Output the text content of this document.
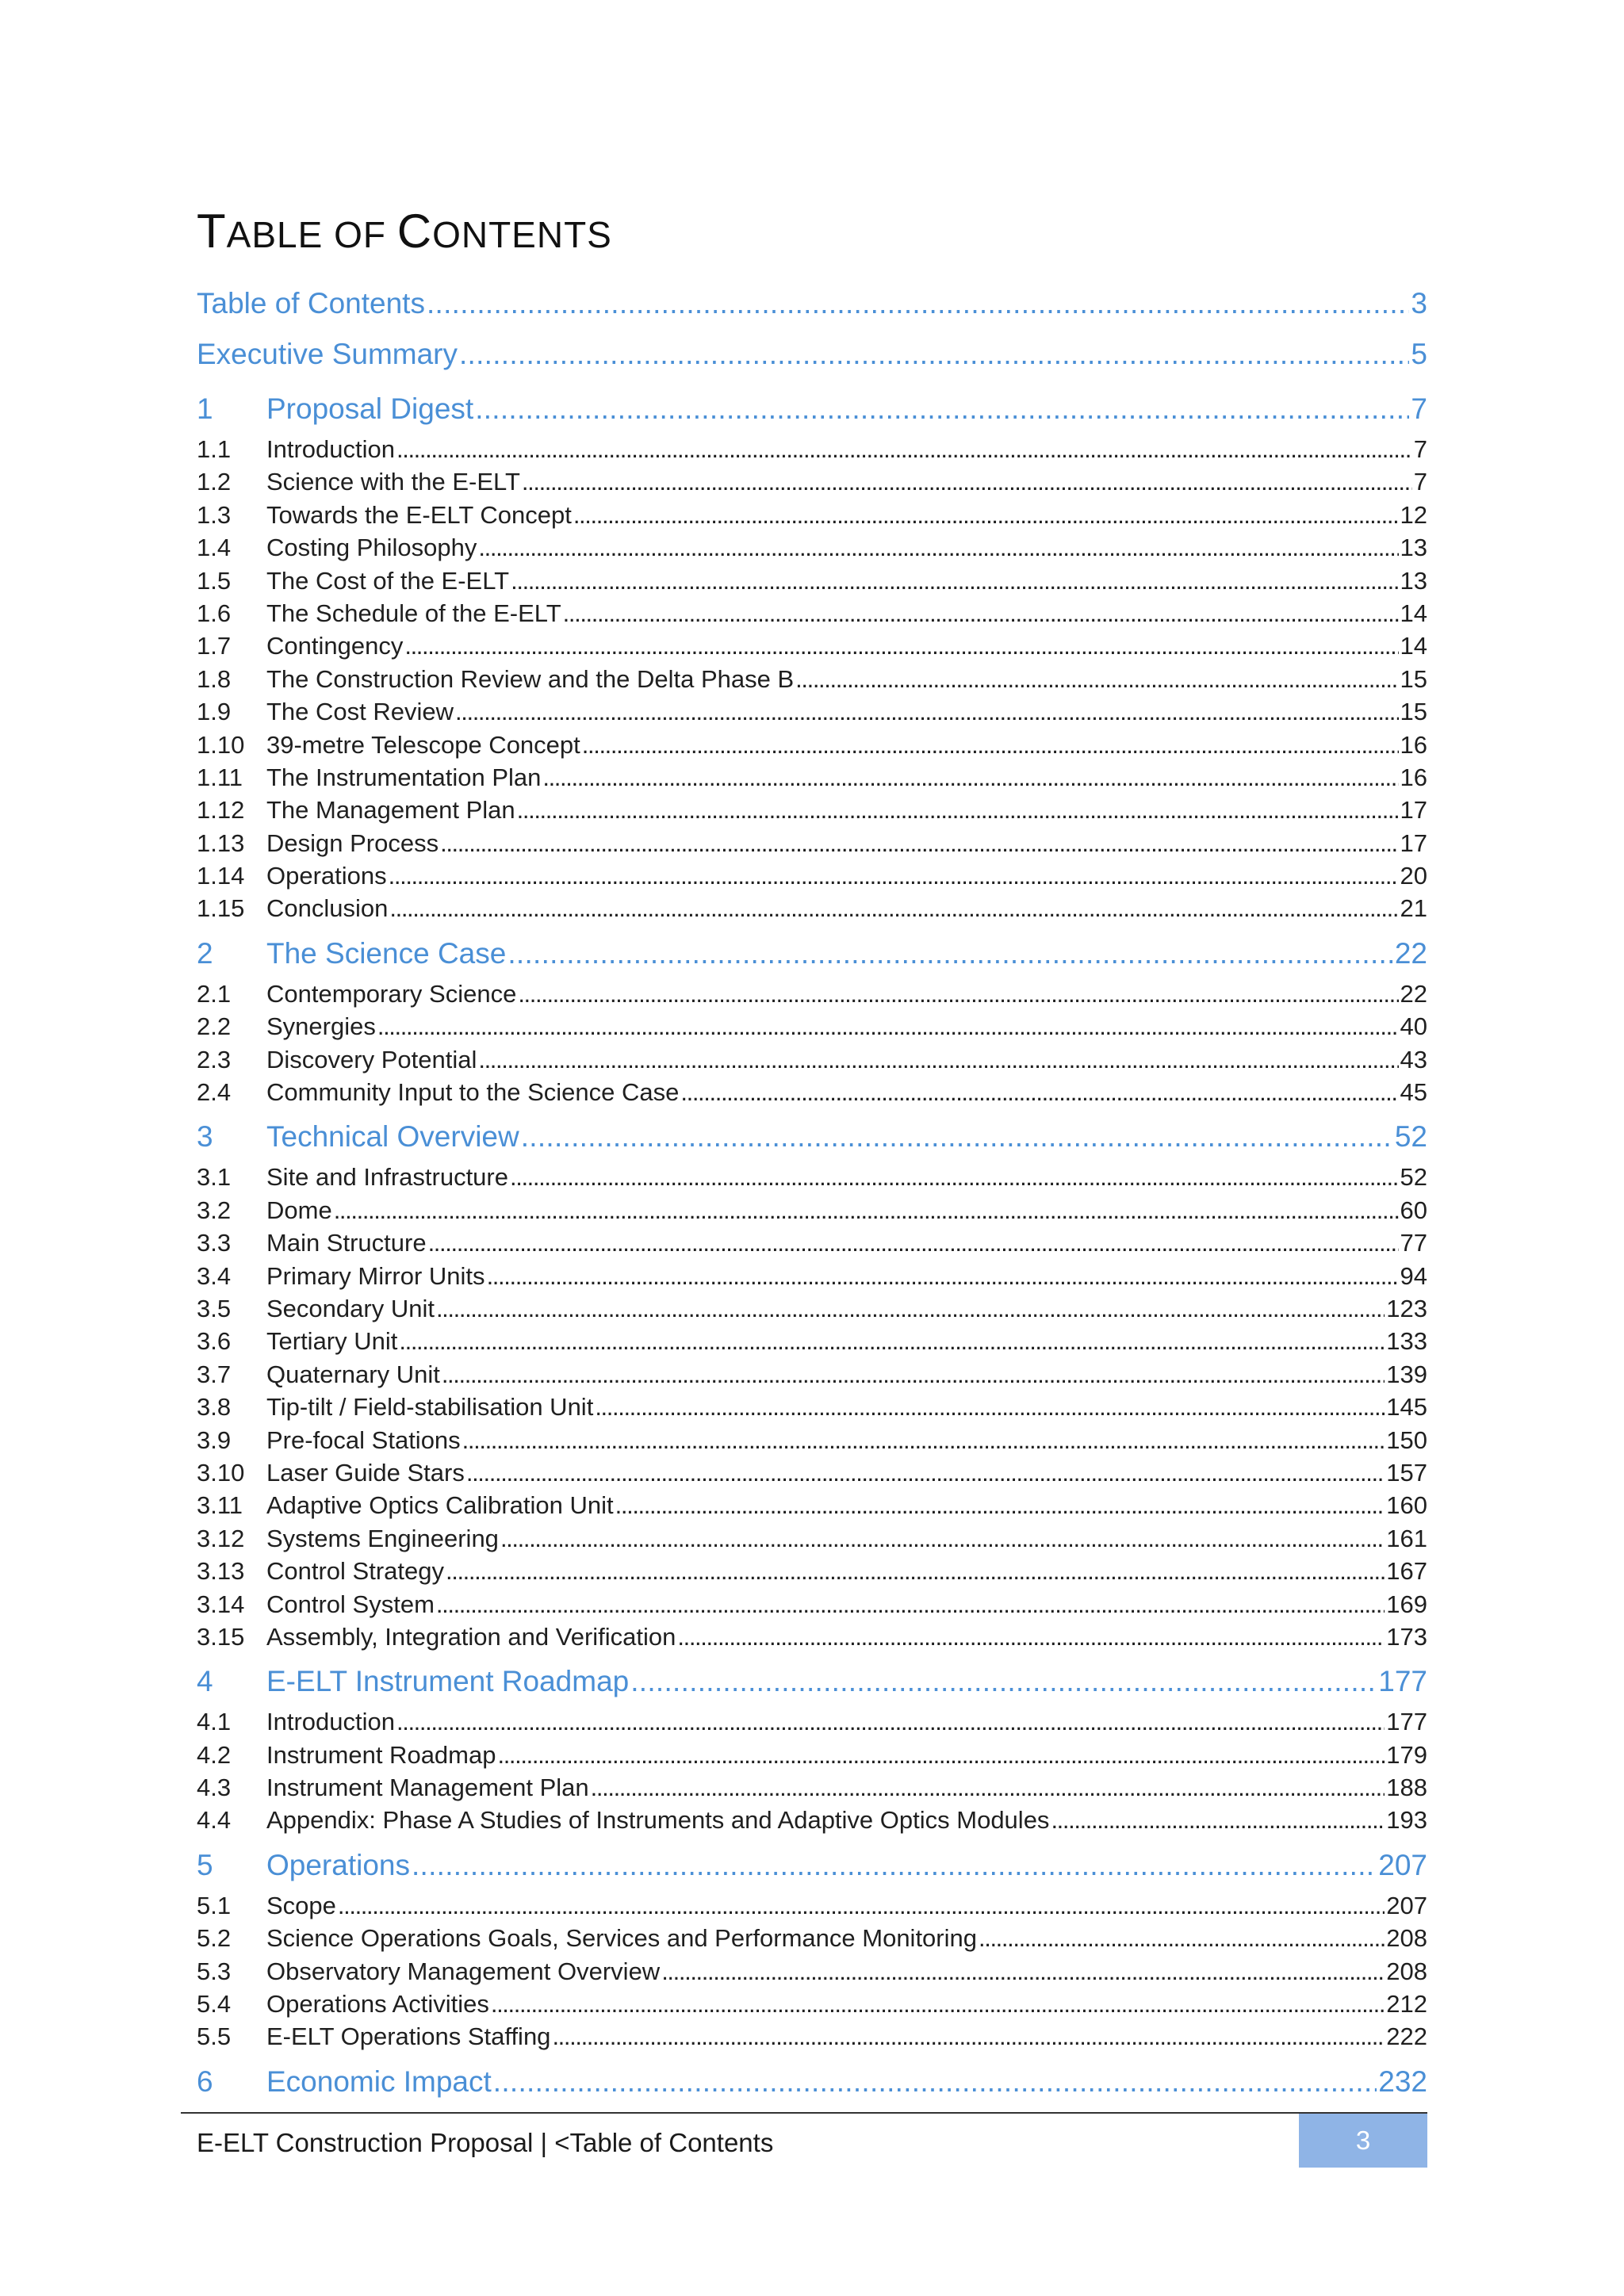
TABLE OF CONTENTS
Table of Contents . . .	3
Executive Summary . . .	5
1	Proposal Digest . . .	7
1.1	Introduction . . .	7
1.2	Science with the E-ELT . . .	7
1.3	Towards the E-ELT Concept . . .	12
1.4	Costing Philosophy . . .	13
1.5	The Cost of the E-ELT . . .	13
1.6	The Schedule of the E-ELT . . .	14
1.7	Contingency . . .	14
1.8	The Construction Review and the Delta Phase B . . .	15
1.9	The Cost Review . . .	15
1.10 39-metre Telescope Concept . . .	16
1.11 The Instrumentation Plan . . .	16
1.12 The Management Plan . . .	17
1.13 Design Process . . .	17
1.14 Operations . . .	20
1.15 Conclusion . . .	21
2	The Science Case . . .	22
2.1	Contemporary Science . . .	22
2.2	Synergies . . .	40
2.3	Discovery Potential . . .	43
2.4	Community Input to the Science Case . . .	45
3	Technical Overview . . .	52
3.1	Site and Infrastructure . . .	52
3.2	Dome . . .	60
3.3	Main Structure . . .	77
3.4	Primary Mirror Units . . .	94
3.5	Secondary Unit . . .	123
3.6	Tertiary Unit . . .	133
3.7	Quaternary Unit . . .	139
3.8	Tip-tilt / Field-stabilisation Unit . . .	145
3.9	Pre-focal Stations . . .	150
3.10 Laser Guide Stars . . .	157
3.11 Adaptive Optics Calibration Unit . . .	160
3.12 Systems Engineering . . .	161
3.13 Control Strategy . . .	167
3.14 Control System . . .	169
3.15 Assembly, Integration and Verification . . .	173
4	E-ELT Instrument Roadmap . . .	177
4.1	Introduction . . .	177
4.2	Instrument Roadmap . . .	179
4.3	Instrument Management Plan . . .	188
4.4	Appendix: Phase A Studies of Instruments and Adaptive Optics Modules . . .	193
5	Operations . . .	207
5.1	Scope . . .	207
5.2	Science Operations Goals, Services and Performance Monitoring . . .	208
5.3	Observatory Management Overview . . .	208
5.4	Operations Activities . . .	212
5.5	E-ELT Operations Staffing . . .	222
6	Economic Impact . . .	232
E-ELT Construction Proposal | <Table of Contents	3
